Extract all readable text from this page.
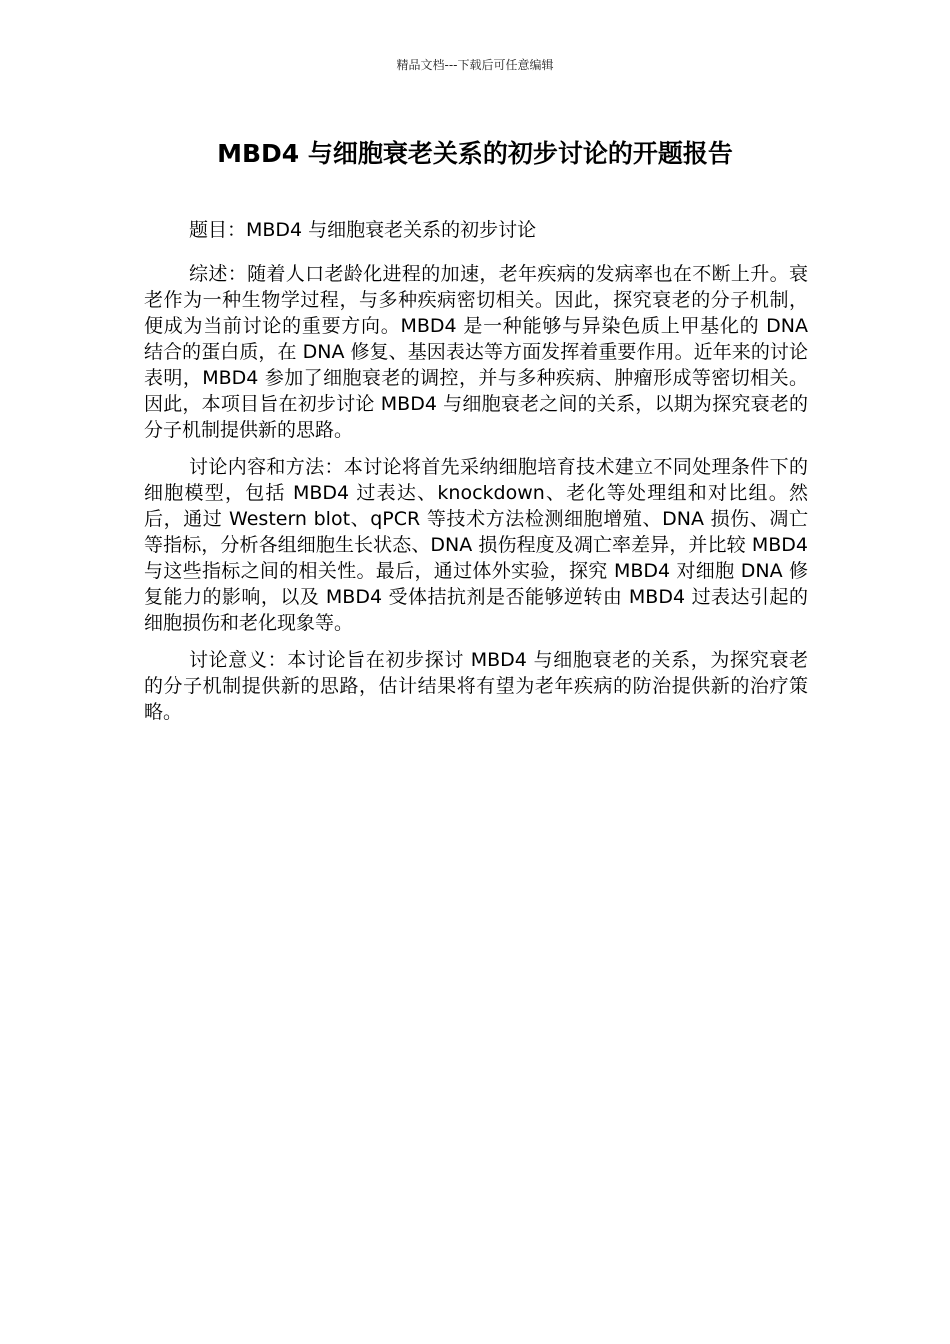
精品文档---下载后可任意编辑
MBD4 与细胞衰老关系的初步讨论的开题报告

题目：MBD4 与细胞衰老关系的初步讨论

综述：随着人口老龄化进程的加速，老年疾病的发病率也在不断上升。衰老作为一种生物学过程，与多种疾病密切相关。因此，探究衰老的分子机制，便成为当前讨论的重要方向。MBD4 是一种能够与异染色质上甲基化的 DNA 结合的蛋白质，在 DNA 修复、基因表达等方面发挥着重要作用。近年来的讨论表明，MBD4 参加了细胞衰老的调控，并与多种疾病、肿瘤形成等密切相关。因此，本项目旨在初步讨论 MBD4 与细胞衰老之间的关系，以期为探究衰老的分子机制提供新的思路。

讨论内容和方法：本讨论将首先采纳细胞培育技术建立不同处理条件下的细胞模型，包括 MBD4 过表达、knockdown、老化等处理组和对比组。然后，通过 Western blot、qPCR 等技术方法检测细胞增殖、DNA 损伤、凋亡等指标，分析各组细胞生长状态、DNA 损伤程度及凋亡率差异，并比较 MBD4 与这些指标之间的相关性。最后，通过体外实验，探究 MBD4 对细胞 DNA 修复能力的影响，以及 MBD4 受体拮抗剂是否能够逆转由 MBD4 过表达引起的细胞损伤和老化现象等。

讨论意义：本讨论旨在初步探讨 MBD4 与细胞衰老的关系，为探究衰老的分子机制提供新的思路，估计结果将有望为老年疾病的防治提供新的治疗策略。
